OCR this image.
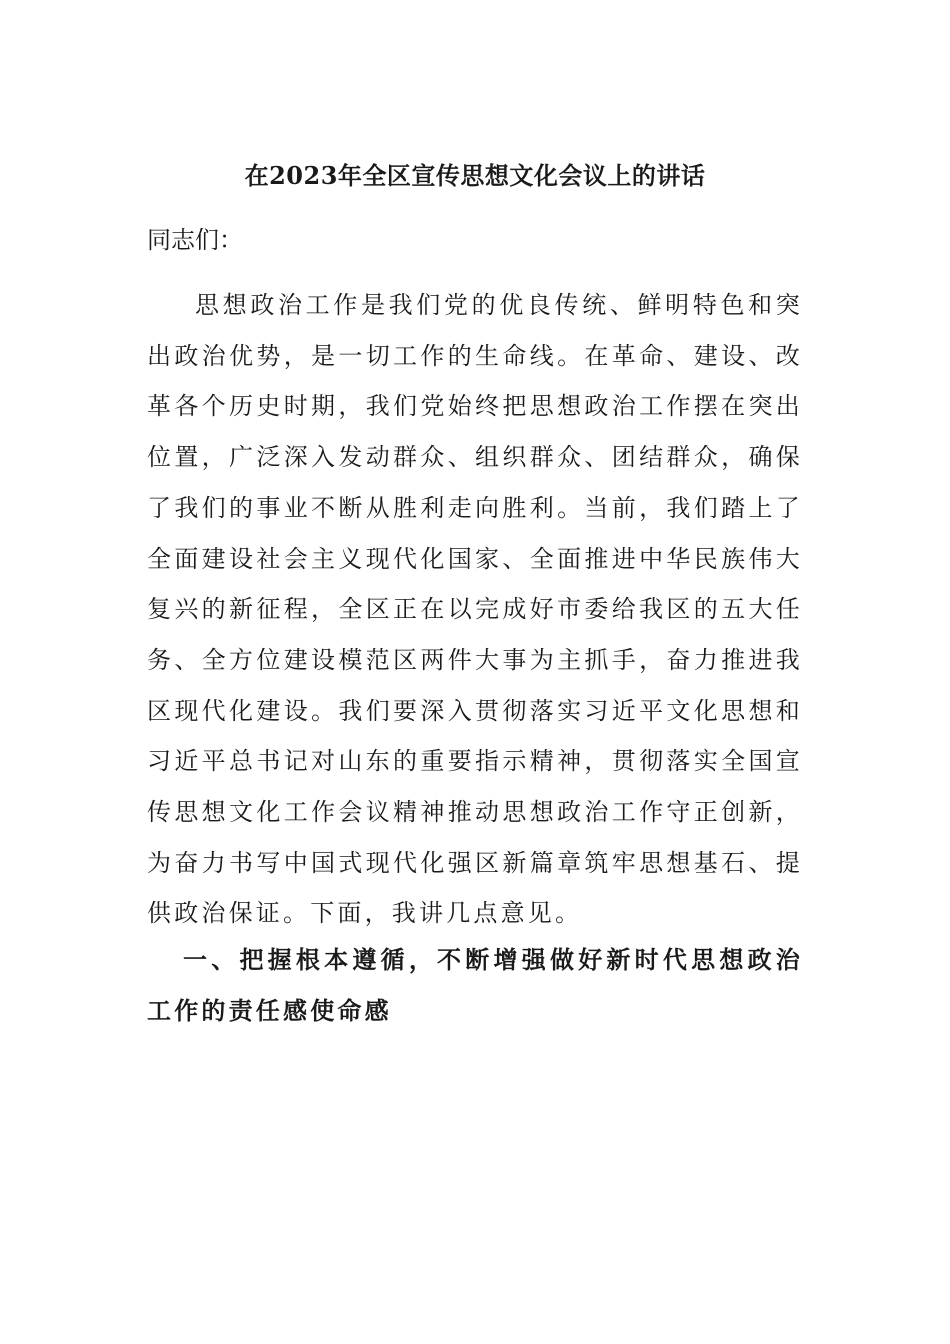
在2023年全区宣传思想文化会议上的讲话

同志们：

思想政治工作是我们党的优良传统、鲜明特色和突出政治优势，是一切工作的生命线。在革命、建设、改革各个历史时期，我们党始终把思想政治工作摆在突出位置，广泛深入发动群众、组织群众、团结群众，确保了我们的事业不断从胜利走向胜利。当前，我们踏上了全面建设社会主义现代化国家、全面推进中华民族伟大复兴的新征程，全区正在以完成好市委给我区的五大任务、全方位建设模范区两件大事为主抓手，奋力推进我区现代化建设。我们要深入贯彻落实习近平文化思想和习近平总书记对山东的重要指示精神，贯彻落实全国宣传思想文化工作会议精神推动思想政治工作守正创新，为奋力书写中国式现代化强区新篇章筑牢思想基石、提供政治保证。下面，我讲几点意见。

一、把握根本遵循，不断增强做好新时代思想政治工作的责任感使命感
